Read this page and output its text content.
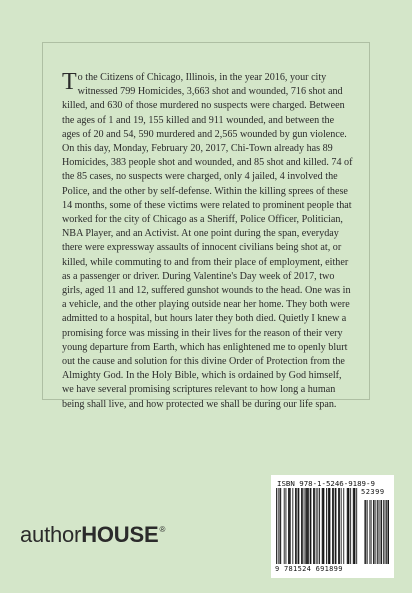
To the Citizens of Chicago, Illinois, in the year 2016, your city witnessed 799 Homicides, 3,663 shot and wounded, 716 shot and killed, and 630 of those murdered no suspects were charged. Between the ages of 1 and 19, 155 killed and 911 wounded, and between the ages of 20 and 54, 590 murdered and 2,565 wounded by gun violence. On this day, Monday, February 20, 2017, Chi-Town already has 89 Homicides, 383 people shot and wounded, and 85 shot and killed. 74 of the 85 cases, no suspects were charged, only 4 jailed, 4 involved the Police, and the other by self-defense. Within the killing sprees of these 14 months, some of these victims were related to prominent people that worked for the city of Chicago as a Sheriff, Police Officer, Politician, NBA Player, and an Activist. At one point during the span, everyday there were expressway assaults of innocent civilians being shot at, or killed, while commuting to and from their place of employment, either as a passenger or driver. During Valentine's Day week of 2017, two girls, aged 11 and 12, suffered gunshot wounds to the head. One was in a vehicle, and the other playing outside near her home. They both were admitted to a hospital, but hours later they both died. Quietly I knew a promising force was missing in their lives for the reason of their very young departure from Earth, which has enlightened me to openly blurt out the cause and solution for this divine Order of Protection from the Almighty God. In the Holy Bible, which is ordained by God himself, we have several promising scriptures relevant to how long a human being shall live, and how protected we shall be during our life span.

authorHOUSE®
ISBN 978-1-5246-9189-9
52399
9 781524 691899
